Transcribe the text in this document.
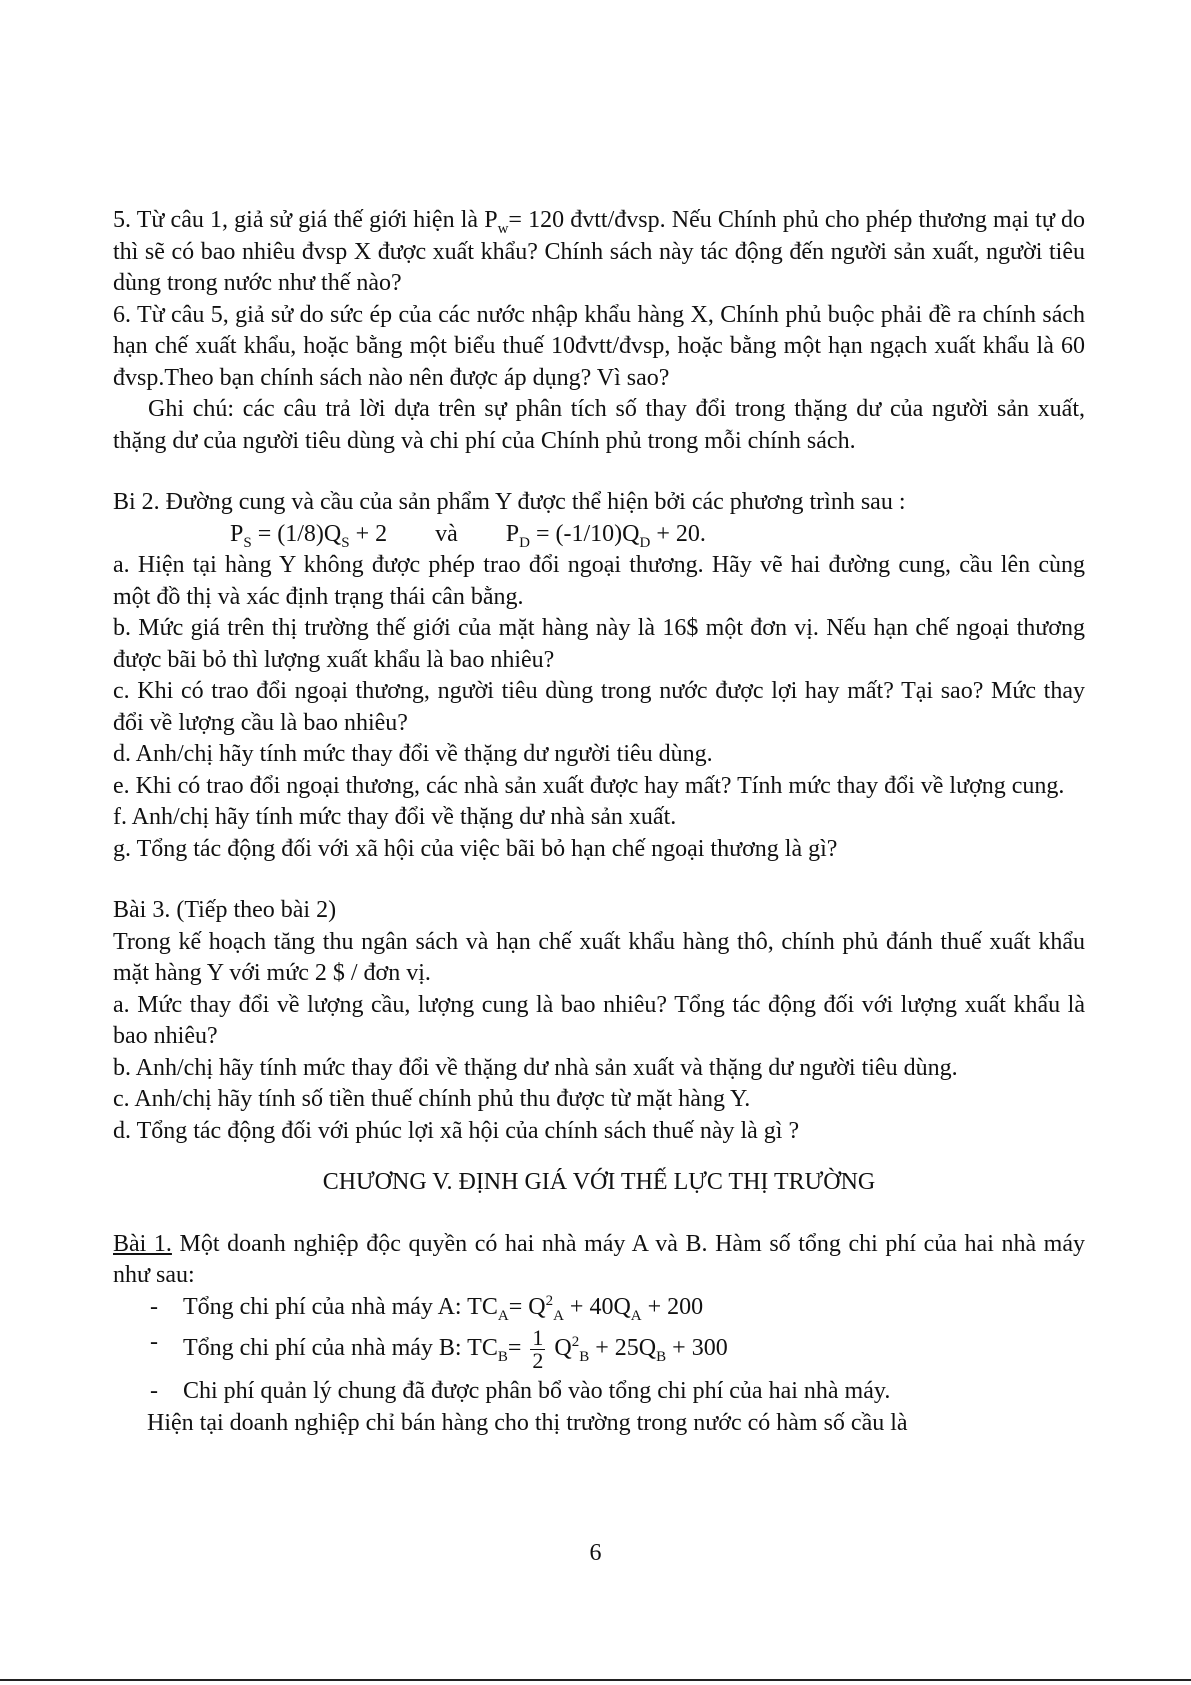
5. Từ câu 1, giả sử giá thế giới hiện là $P_w= 120$ đvtt/đvsp. Nếu Chính phủ cho phép thương mại tự do thì sẽ có bao nhiêu đvsp X được xuất khẩu? Chính sách này tác động đến người sản xuất, người tiêu dùng trong nước như thế nào?

6. Từ câu 5, giả sử do sức ép của các nước nhập khẩu hàng X, Chính phủ buộc phải đề ra chính sách hạn chế xuất khẩu, hoặc bằng một biểu thuế 10đvtt/đvsp, hoặc bằng một hạn ngạch xuất khẩu là 60 đvsp.Theo bạn chính sách nào nên được áp dụng? Vì sao?

Ghi chú: các câu trả lời dựa trên sự phân tích số thay đổi trong thặng dư của người sản xuất, thặng dư của người tiêu dùng và chi phí của Chính phủ trong mỗi chính sách.

Bi 2. Đường cung và cầu của sản phẩm Y được thể hiện bởi các phương trình sau :

$P_S = (1/8)Q_S + 2$ và $P_D = (-1/10)Q_D + 20$.

a. Hiện tại hàng Y không được phép trao đổi ngoại thương. Hãy vẽ hai đường cung, cầu lên cùng một đồ thị và xác định trạng thái cân bằng.

b. Mức giá trên thị trường thế giới của mặt hàng này là 16$ một đơn vị. Nếu hạn chế ngoại thương được bãi bỏ thì lượng xuất khẩu là bao nhiêu?

c. Khi có trao đổi ngoại thương, người tiêu dùng trong nước được lợi hay mất? Tại sao? Mức thay đổi về lượng cầu là bao nhiêu?

d. Anh/chị hãy tính mức thay đổi về thặng dư người tiêu dùng.

e. Khi có trao đổi ngoại thương, các nhà sản xuất được hay mất? Tính mức thay đổi về lượng cung.

f. Anh/chị hãy tính mức thay đổi về thặng dư nhà sản xuất.

g. Tổng tác động đối với xã hội của việc bãi bỏ hạn chế ngoại thương là gì?

Bài 3. (Tiếp theo bài 2)

Trong kế hoạch tăng thu ngân sách và hạn chế xuất khẩu hàng thô, chính phủ đánh thuế xuất khẩu mặt hàng Y với mức 2 $ / đơn vị.

a. Mức thay đổi về lượng cầu, lượng cung là bao nhiêu? Tổng tác động đối với lượng xuất khẩu là bao nhiêu?

b. Anh/chị hãy tính mức thay đổi về thặng dư nhà sản xuất và thặng dư người tiêu dùng.

c. Anh/chị hãy tính số tiền thuế chính phủ thu được từ mặt hàng Y.

d. Tổng tác động đối với phúc lợi xã hội của chính sách thuế này là gì ?

CHƯƠNG V. ĐỊNH GIÁ VỚI THẾ LỰC THỊ TRƯỜNG

Bài 1. Một doanh nghiệp độc quyền có hai nhà máy A và B. Hàm số tổng chi phí của hai nhà máy như sau:

-	Tổng chi phí của nhà máy A: $TC_A= Q^2_A + 40Q_A + 200$
-	Tổng chi phí của nhà máy B: $TC_B= \frac{1}{2} Q^2_B + 25Q_B + 300$
-	Chi phí quản lý chung đã được phân bổ vào tổng chi phí của hai nhà máy.

Hiện tại doanh nghiệp chỉ bán hàng cho thị trường trong nước có hàm số cầu là

6
